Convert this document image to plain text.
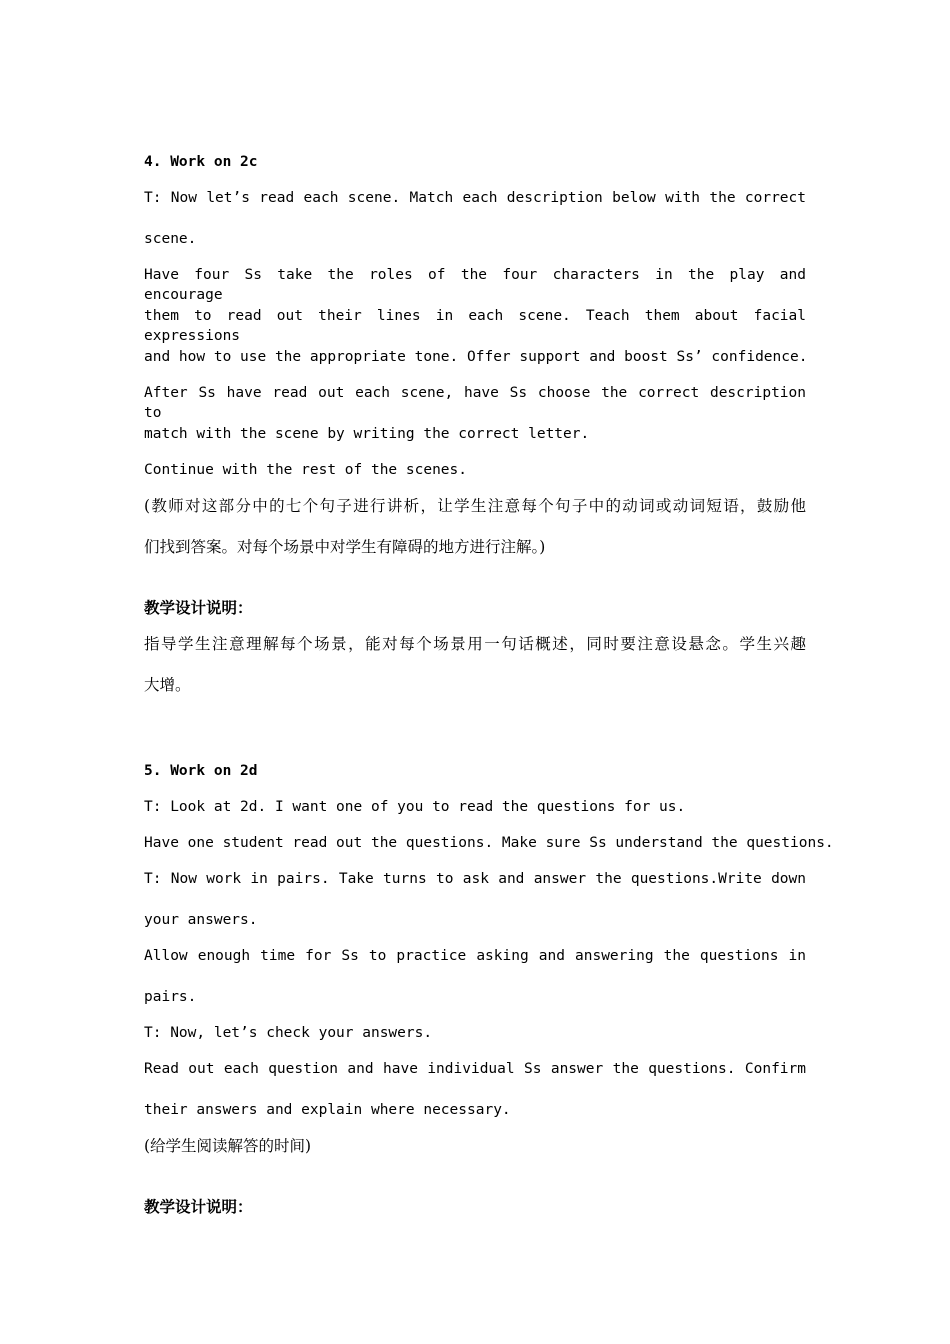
4. Work on 2c
T: Now let’s read each scene. Match each description below with the correct
scene.
Have four Ss take the roles of the four characters in the play and encourage
them to read out their lines in each scene. Teach them about facial expressions
and how to use the appropriate tone. Offer support and boost Ss’ confidence.
After Ss have read out each scene, have Ss choose the correct description to
match with the scene by writing the correct letter.
Continue with the rest of the scenes.
(教师对这部分中的七个句子进行讲析，让学生注意每个句子中的动词或动词短语，鼓励他
们找到答案。对每个场景中对学生有障碍的地方进行注解。)
教学设计说明：
指导学生注意理解每个场景，能对每个场景用一句话概述，同时要注意设悬念。学生兴趣
大增。
5. Work on 2d
T: Look at 2d. I want one of you to read the questions for us.
Have one student read out the questions. Make sure Ss understand the questions.
T: Now work in pairs. Take turns to ask and answer the questions.Write down
your answers.
Allow enough time for Ss to practice asking and answering the questions in
pairs.
T: Now, let’s check your answers.
Read out each question and have individual Ss answer the questions. Confirm
their answers and explain where necessary.
(给学生阅读解答的时间)
教学设计说明：
